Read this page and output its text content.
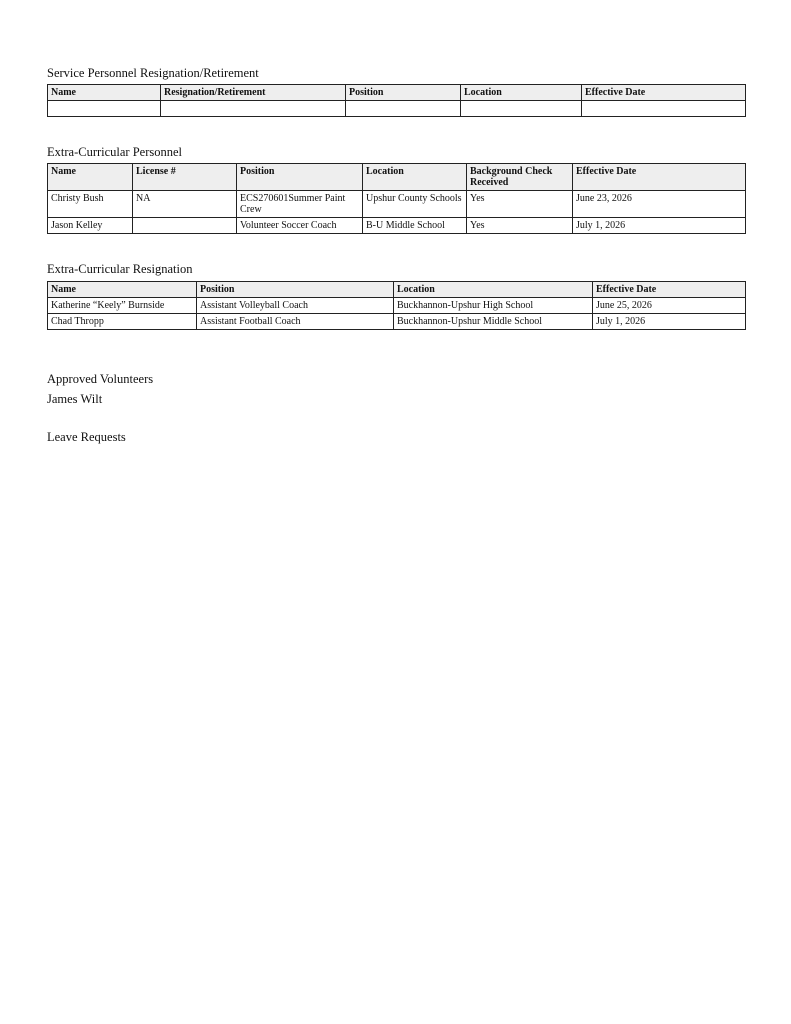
Service Personnel Resignation/Retirement
Name	Resignation/Retirement	Position	Location	Effective Date

Extra-Curricular Personnel
Name	License #	Position	Location	Background Check Received	Effective Date
Christy Bush	NA	ECS270601Summer Paint Crew	Upshur County Schools	Yes	June 23, 2026
Jason Kelley		Volunteer Soccer Coach	B-U Middle School	Yes	July 1, 2026
Extra-Curricular Resignation
Name	Position	Location	Effective Date
Katherine “Keely” Burnside	Assistant Volleyball Coach	Buckhannon-Upshur High School	June 25, 2026
Chad Thropp	Assistant Football Coach	Buckhannon-Upshur Middle School	July 1, 2026
Approved Volunteers
James Wilt
Leave Requests
